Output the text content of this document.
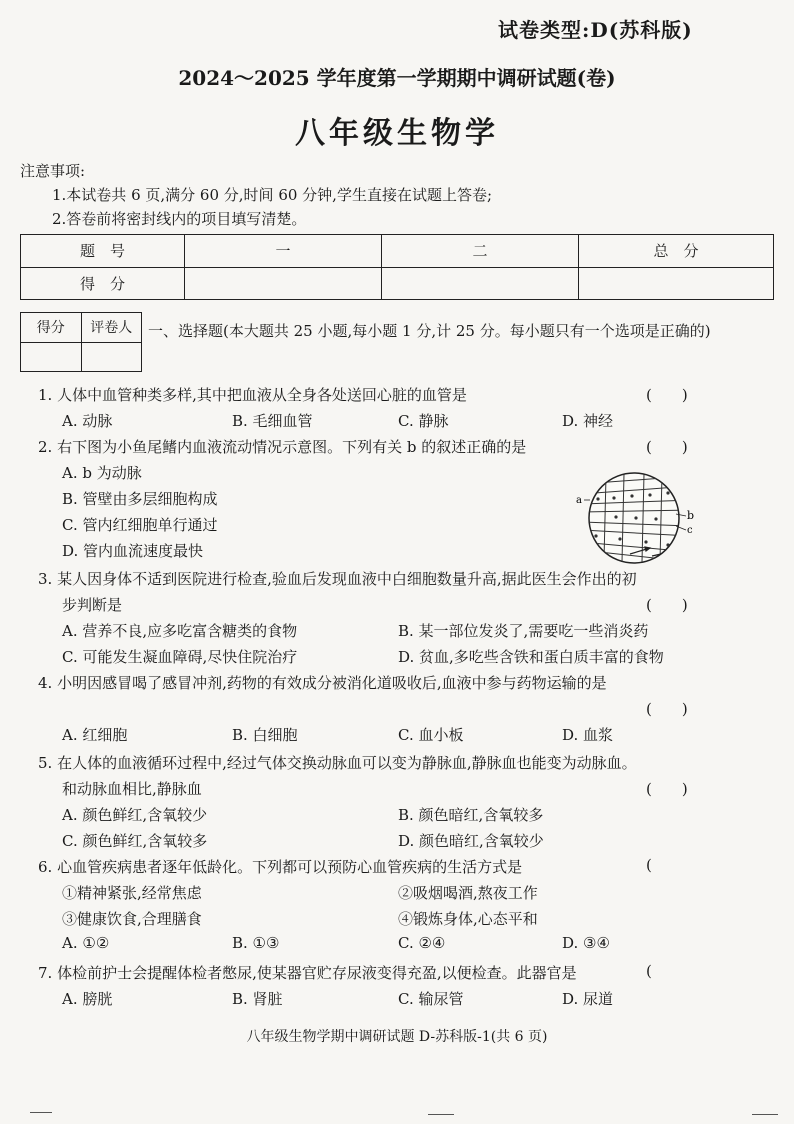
试卷类型:D(苏科版)
2024～2025 学年度第一学期期中调研试题(卷)
八年级生物学
注意事项:
1.本试卷共 6 页,满分 60 分,时间 60 分钟,学生直接在试题上答卷;
2.答卷前将密封线内的项目填写清楚。
题　号	一	二	总　分
得　分			
得分	评卷人
	一、选择题(本大题共 25 小题,每小题 1 分,计 25 分。每小题只有一个选项是正确的)
1. 人体中血管种类多样,其中把血液从全身各处送回心脏的血管是	(　　)
A. 动脉	B. 毛细血管	C. 静脉	D. 神经
2. 右下图为小鱼尾鳍内血液流动情况示意图。下列有关 b 的叙述正确的是	(　　)
A. b 为动脉
B. 管壁由多层细胞构成
C. 管内红细胞单行通过
D. 管内血流速度最快
a
b
c
3. 某人因身体不适到医院进行检查,验血后发现血液中白细胞数量升高,据此医生会作出的初
步判断是	(　　)
A. 营养不良,应多吃富含糖类的食物	B. 某一部位发炎了,需要吃一些消炎药
C. 可能发生凝血障碍,尽快住院治疗	D. 贫血,多吃些含铁和蛋白质丰富的食物
4. 小明因感冒喝了感冒冲剂,药物的有效成分被消化道吸收后,血液中参与药物运输的是
(　　)
A. 红细胞	B. 白细胞	C. 血小板	D. 血浆
5. 在人体的血液循环过程中,经过气体交换动脉血可以变为静脉血,静脉血也能变为动脉血。
和动脉血相比,静脉血	(　　)
A. 颜色鲜红,含氧较少	B. 颜色暗红,含氧较多
C. 颜色鲜红,含氧较多	D. 颜色暗红,含氧较少
6. 心血管疾病患者逐年低龄化。下列都可以预防心血管疾病的生活方式是	(
①精神紧张,经常焦虑	②吸烟喝酒,熬夜工作
③健康饮食,合理膳食	④锻炼身体,心态平和
A. ①②	B. ①③	C. ②④	D. ③④
7. 体检前护士会提醒体检者憋尿,使某器官贮存尿液变得充盈,以便检查。此器官是	(
A. 膀胱	B. 肾脏	C. 输尿管	D. 尿道
八年级生物学期中调研试题 D-苏科版-1(共 6 页)
